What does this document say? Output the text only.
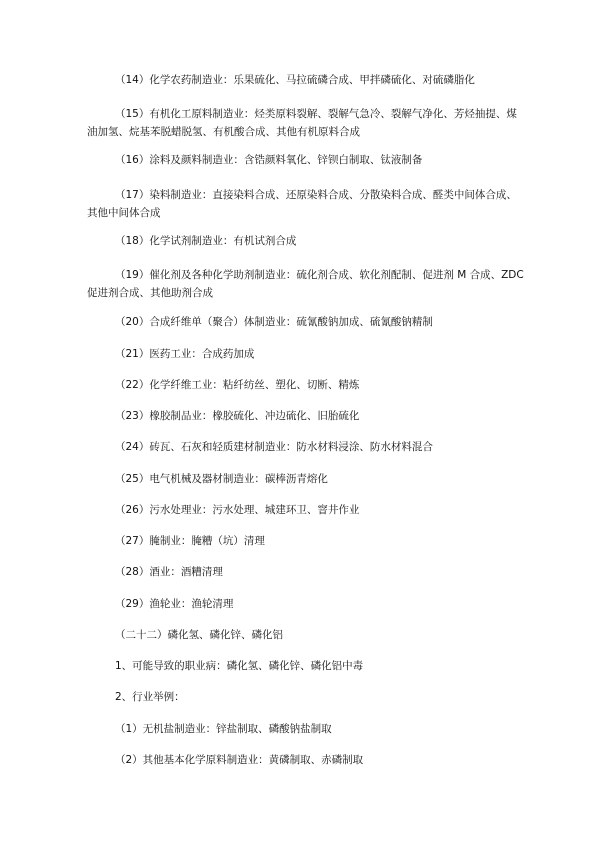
（14）化学农药制造业：乐果硫化、马拉硫磷合成、甲拌磷硫化、对硫磷脂化
（15）有机化工原料制造业：烃类原料裂解、裂解气急冷、裂解气净化、芳烃抽提、煤
油加氢、烷基苯脱蜡脱氢、有机酸合成、其他有机原料合成
（16）涂料及颜料制造业：含锆颜料氧化、锌钡白制取、钛液制备
（17）染料制造业：直接染料合成、还原染料合成、分散染料合成、醛类中间体合成、
其他中间体合成
（18）化学试剂制造业：有机试剂合成
（19）催化剂及各种化学助剂制造业：硫化剂合成、软化剂配制、促进剂 M 合成、ZDC
促进剂合成、其他助剂合成
（20）合成纤维单（聚合）体制造业：硫氰酸钠加成、硫氰酸钠精制
（21）医药工业：合成药加成
（22）化学纤维工业：粘纤纺丝、塑化、切断、精炼
（23）橡胶制品业：橡胶硫化、冲边硫化、旧胎硫化
（24）砖瓦、石灰和轻质建材制造业：防水材料浸涂、防水材料混合
（25）电气机械及器材制造业：碳棒沥青熔化
（26）污水处理业：污水处理、城建环卫、窨井作业
（27）腌制业：腌糟（坑）清理
（28）酒业：酒糟清理
（29）渔轮业：渔轮清理
（二十二）磷化氢、磷化锌、磷化铝
1、可能导致的职业病：磷化氢、磷化锌、磷化铝中毒
2、行业举例：
（1）无机盐制造业：锌盐制取、磷酸钠盐制取
（2）其他基本化学原料制造业：黄磷制取、赤磷制取
